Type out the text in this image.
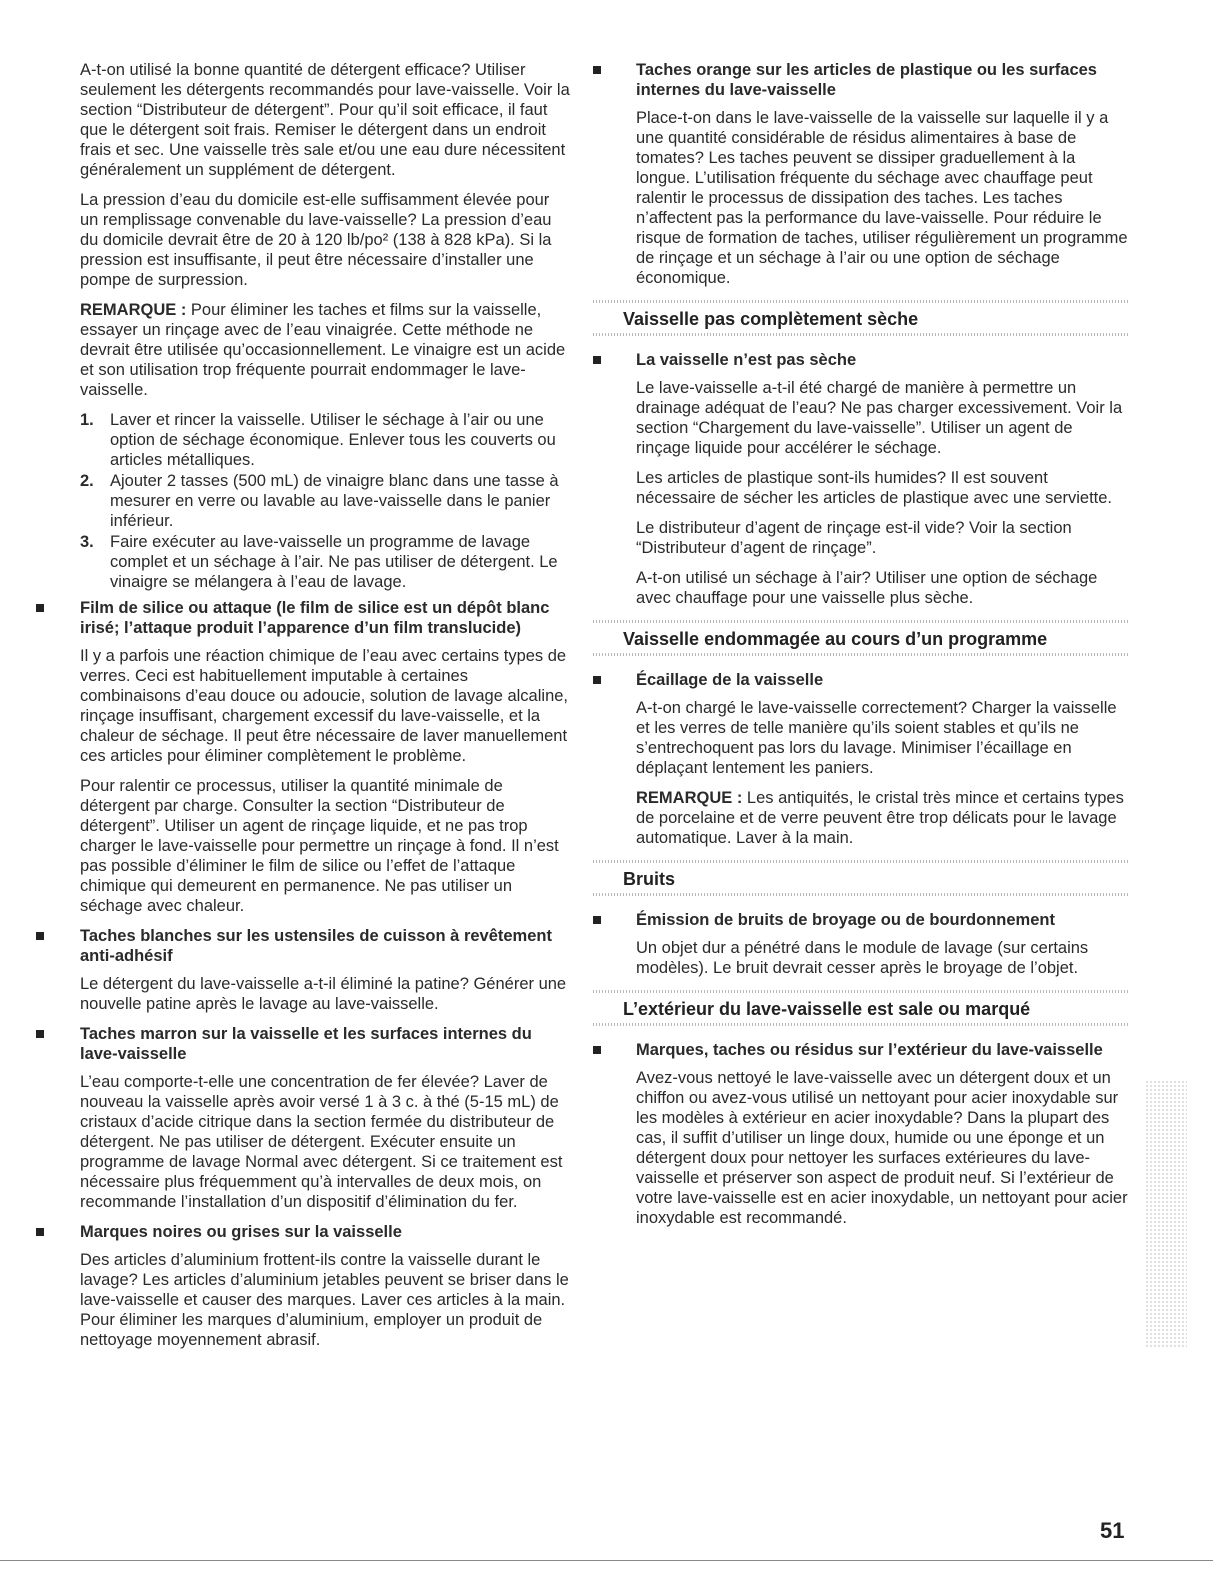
A-t-on utilisé la bonne quantité de détergent efficace? Utiliser seulement les détergents recommandés pour lave-vaisselle. Voir la section “Distributeur de détergent”. Pour qu’il soit efficace, il faut que le détergent soit frais. Remiser le détergent dans un endroit frais et sec. Une vaisselle très sale et/ou une eau dure nécessitent généralement un supplément de détergent.

La pression d’eau du domicile est-elle suffisamment élevée pour un remplissage convenable du lave-vaisselle? La pression d’eau du domicile devrait être de 20 à 120 lb/po² (138 à 828 kPa). Si la pression est insuffisante, il peut être nécessaire d’installer une pompe de surpression.

REMARQUE : Pour éliminer les taches et films sur la vaisselle, essayer un rinçage avec de l’eau vinaigrée. Cette méthode ne devrait être utilisée qu’occasionnellement. Le vinaigre est un acide et son utilisation trop fréquente pourrait endommager le lave-vaisselle.

1. Laver et rincer la vaisselle. Utiliser le séchage à l’air ou une option de séchage économique. Enlever tous les couverts ou articles métalliques.
2. Ajouter 2 tasses (500 mL) de vinaigre blanc dans une tasse à mesurer en verre ou lavable au lave-vaisselle dans le panier inférieur.
3. Faire exécuter au lave-vaisselle un programme de lavage complet et un séchage à l’air. Ne pas utiliser de détergent. Le vinaigre se mélangera à l’eau de lavage.
Film de silice ou attaque (le film de silice est un dépôt blanc irisé; l’attaque produit l’apparence d’un film translucide)

Il y a parfois une réaction chimique de l’eau avec certains types de verres. Ceci est habituellement imputable à certaines combinaisons d’eau douce ou adoucie, solution de lavage alcaline, rinçage insuffisant, chargement excessif du lave-vaisselle, et la chaleur de séchage. Il peut être nécessaire de laver manuellement ces articles pour éliminer complètement le problème.

Pour ralentir ce processus, utiliser la quantité minimale de détergent par charge. Consulter la section “Distributeur de détergent”. Utiliser un agent de rinçage liquide, et ne pas trop charger le lave-vaisselle pour permettre un rinçage à fond. Il n’est pas possible d’éliminer le film de silice ou l’effet de l’attaque chimique qui demeurent en permanence. Ne pas utiliser un séchage avec chaleur.

Taches blanches sur les ustensiles de cuisson à revêtement anti-adhésif

Le détergent du lave-vaisselle a-t-il éliminé la patine? Générer une nouvelle patine après le lavage au lave-vaisselle.

Taches marron sur la vaisselle et les surfaces internes du lave-vaisselle

L’eau comporte-t-elle une concentration de fer élevée? Laver de nouveau la vaisselle après avoir versé 1 à 3 c. à thé (5-15 mL) de cristaux d’acide citrique dans la section fermée du distributeur de détergent. Ne pas utiliser de détergent. Exécuter ensuite un programme de lavage Normal avec détergent. Si ce traitement est nécessaire plus fréquemment qu’à intervalles de deux mois, on recommande l’installation d’un dispositif d’élimination du fer.

Marques noires ou grises sur la vaisselle

Des articles d’aluminium frottent-ils contre la vaisselle durant le lavage? Les articles d’aluminium jetables peuvent se briser dans le lave-vaisselle et causer des marques. Laver ces articles à la main. Pour éliminer les marques d’aluminium, employer un produit de nettoyage moyennement abrasif.

Taches orange sur les articles de plastique ou les surfaces internes du lave-vaisselle

Place-t-on dans le lave-vaisselle de la vaisselle sur laquelle il y a une quantité considérable de résidus alimentaires à base de tomates? Les taches peuvent se dissiper graduellement à la longue. L’utilisation fréquente du séchage avec chauffage peut ralentir le processus de dissipation des taches. Les taches n’affectent pas la performance du lave-vaisselle. Pour réduire le risque de formation de taches, utiliser régulièrement un programme de rinçage et un séchage à l’air ou une option de séchage économique.

Vaisselle pas complètement sèche
La vaisselle n’est pas sèche

Le lave-vaisselle a-t-il été chargé de manière à permettre un drainage adéquat de l’eau? Ne pas charger excessivement. Voir la section “Chargement du lave-vaisselle”. Utiliser un agent de rinçage liquide pour accélérer le séchage.

Les articles de plastique sont-ils humides? Il est souvent nécessaire de sécher les articles de plastique avec une serviette.

Le distributeur d’agent de rinçage est-il vide? Voir la section “Distributeur d’agent de rinçage”.

A-t-on utilisé un séchage à l’air? Utiliser une option de séchage avec chauffage pour une vaisselle plus sèche.

Vaisselle endommagée au cours d’un programme
Écaillage de la vaisselle

A-t-on chargé le lave-vaisselle correctement? Charger la vaisselle et les verres de telle manière qu’ils soient stables et qu’ils ne s’entrechoquent pas lors du lavage. Minimiser l’écaillage en déplaçant lentement les paniers.

REMARQUE : Les antiquités, le cristal très mince et certains types de porcelaine et de verre peuvent être trop délicats pour le lavage automatique. Laver à la main.

Bruits
Émission de bruits de broyage ou de bourdonnement

Un objet dur a pénétré dans le module de lavage (sur certains modèles). Le bruit devrait cesser après le broyage de l’objet.

L’extérieur du lave-vaisselle est sale ou marqué
Marques, taches ou résidus sur l’extérieur du lave-vaisselle

Avez-vous nettoyé le lave-vaisselle avec un détergent doux et un chiffon ou avez-vous utilisé un nettoyant pour acier inoxydable sur les modèles à extérieur en acier inoxydable? Dans la plupart des cas, il suffit d’utiliser un linge doux, humide ou une éponge et un détergent doux pour nettoyer les surfaces extérieures du lave-vaisselle et préserver son aspect de produit neuf. Si l’extérieur de votre lave-vaisselle est en acier inoxydable, un nettoyant pour acier inoxydable est recommandé.

51
